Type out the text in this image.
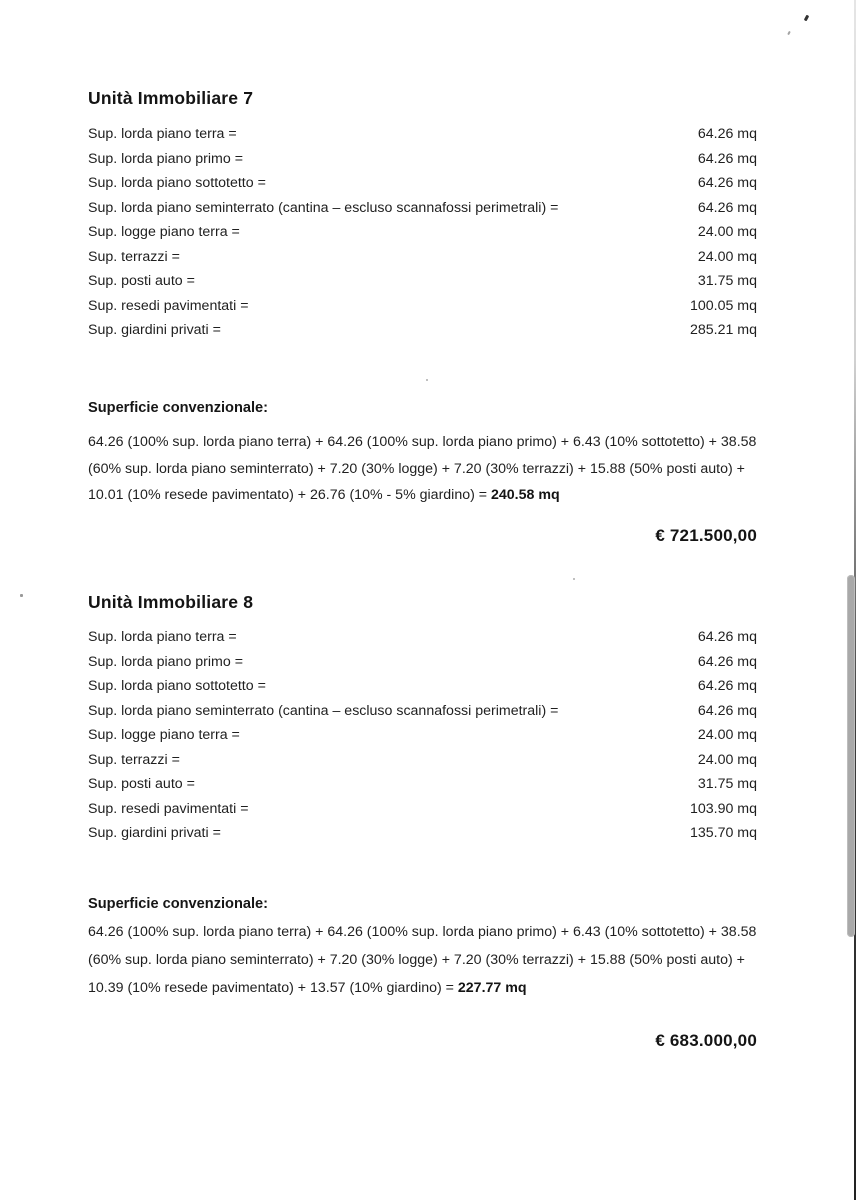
Unità Immobiliare 7
Sup. lorda piano terra =	64.26 mq
Sup. lorda piano primo =	64.26 mq
Sup. lorda piano sottotetto =	64.26 mq
Sup. lorda piano seminterrato (cantina – escluso scannafossi perimetrali) =	64.26 mq
Sup. logge piano terra =	24.00 mq
Sup. terrazzi =	24.00 mq
Sup. posti auto =	31.75 mq
Sup. resedi pavimentati =	100.05 mq
Sup. giardini privati =	285.21 mq
Superficie convenzionale:
64.26 (100% sup. lorda piano terra) + 64.26 (100% sup. lorda piano primo) + 6.43 (10% sottotetto) + 38.58
(60% sup. lorda piano seminterrato) + 7.20 (30% logge) + 7.20 (30% terrazzi) + 15.88 (50% posti auto) +
10.01 (10% resede pavimentato) + 26.76 (10% - 5% giardino) = 240.58 mq
€ 721.500,00
Unità Immobiliare 8
Sup. lorda piano terra =	64.26 mq
Sup. lorda piano primo =	64.26 mq
Sup. lorda piano sottotetto =	64.26 mq
Sup. lorda piano seminterrato (cantina – escluso scannafossi perimetrali) =	64.26 mq
Sup. logge piano terra =	24.00 mq
Sup. terrazzi =	24.00 mq
Sup. posti auto =	31.75 mq
Sup. resedi pavimentati =	103.90 mq
Sup. giardini privati =	135.70 mq
Superficie convenzionale:
64.26 (100% sup. lorda piano terra) + 64.26 (100% sup. lorda piano primo) + 6.43 (10% sottotetto) + 38.58
(60% sup. lorda piano seminterrato) + 7.20 (30% logge) + 7.20 (30% terrazzi) + 15.88 (50% posti auto) +
10.39 (10% resede pavimentato) + 13.57 (10% giardino) = 227.77 mq
€ 683.000,00
